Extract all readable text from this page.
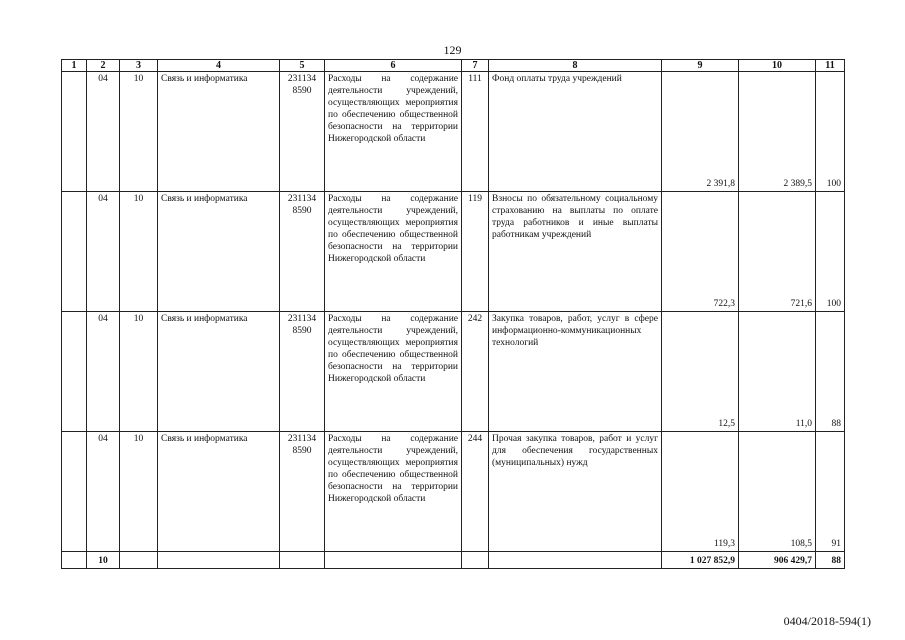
129
1	2	3	4	5	6	7	8	9	10	11
	04	10	Связь и информатика	231134 8590	Расходы на содержание деятельности учреждений, осуществляющих мероприятия по обеспечению общественной безопасности на территории Нижегородской области	111	Фонд оплаты труда учреждений	2 391,8	2 389,5	100
	04	10	Связь и информатика	231134 8590	Расходы на содержание деятельности учреждений, осуществляющих мероприятия по обеспечению общественной безопасности на территории Нижегородской области	119	Взносы по обязательному социальному страхованию на выплаты по оплате труда работников и иные выплаты работникам учреждений	722,3	721,6	100
	04	10	Связь и информатика	231134 8590	Расходы на содержание деятельности учреждений, осуществляющих мероприятия по обеспечению общественной безопасности на территории Нижегородской области	242	Закупка товаров, работ, услуг в сфере информационно-коммуникационных технологий	12,5	11,0	88
	04	10	Связь и информатика	231134 8590	Расходы на содержание деятельности учреждений, осуществляющих мероприятия по обеспечению общественной безопасности на территории Нижегородской области	244	Прочая закупка товаров, работ и услуг для обеспечения государственных (муниципальных) нужд	119,3	108,5	91
	10							1 027 852,9	906 429,7	88
0404/2018-594(1)
